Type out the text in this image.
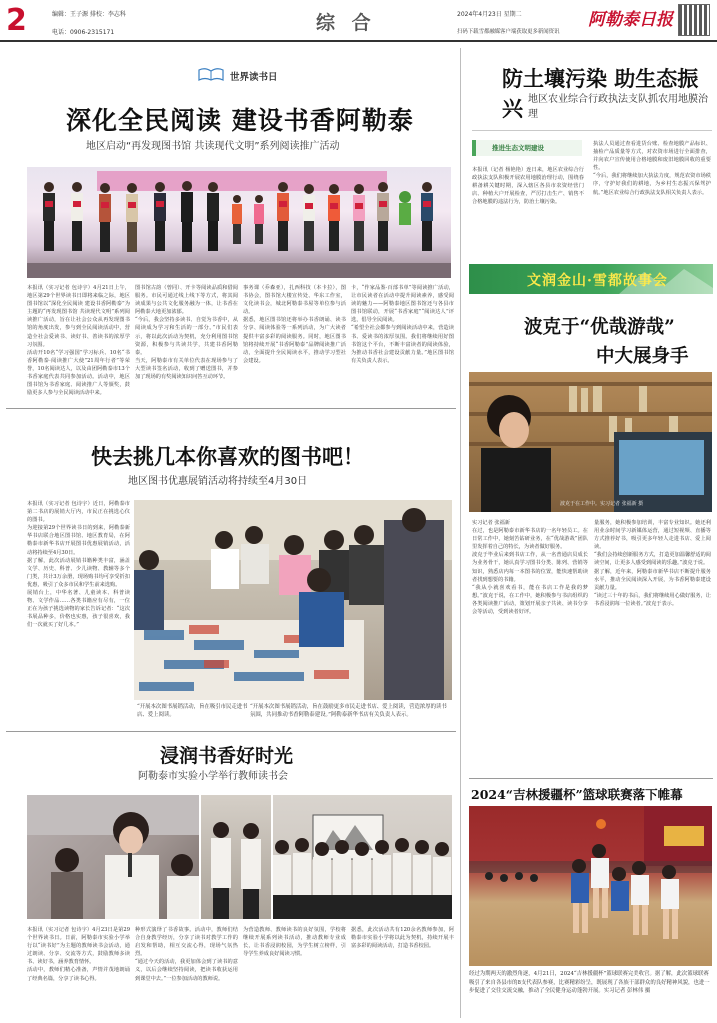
2	编辑：王子源 排校：李志科
电话：0906-2315171	综 合	2024年4月23日 星期二
扫码下载雪都融媒客户端获取更多新闻资讯
阿勒泰日报
世界读书日
深化全民阅读 建设书香阿勒泰
地区启动“再发现图书馆 共读现代文明”系列阅读推广活动
本报讯（实习记者 包诗宇）4月21日上午，地区第29个世界读书日即将来临之际，地区图书馆以“深化全民阅读 建设书香阿勒泰”为主题的“再发现图书馆 共读现代文明”系列阅读推广活动，旨在让社会公众从再发现图书馆的角度出发，参与到全民阅读活动中，营造全社会爱读书、读好书、善读书的浓厚学习氛围。
活动开10名“学习强国”学习标兵、10名“书香阿勒泰·阅读推广大使”21周年行者”等荣誉，10名阅读达人，以及由团阿勒泰市13个书香家庭代表共同参加活动。活动中，地区图书馆为书香家庭、阅读推广人等颁奖，鼓励更多人参与全民阅读活动中来。
图书馆古韵（曾同）、开卡等阅读品质和借阅服务。市民可通过线上线下等方式，将其阅读成果与公共文化服务融为一体，让书香在阿勒泰大地更加浓郁。
“今后，我会坚持多读书、自觉为书香中，从阅读成为学习和生活的一部分。”市民们表示，将以此次活动为契机，充分利用图书馆资源，积极参与共读共学，共建书香阿勒泰。
当天，阿勒泰市有关单位代表在现场参与了大型读书签名活动，收到了赠送图书，并参加了现场的有奖阅读知识问答互动环节。
事务课（乔森亚），扎西科技（本卡拉），图书协会，图书馆大楼宣传处、华东工作室，文化读书会，城北阿勒泰书屋等单位参与活动。
据悉，地区图书馆还将举办书香朗诵、读书分享、阅读体验等一系列活动，为广大读者提供丰富多彩的阅读服务。同时，地区图书馆将持续开展“书香阿勒泰”品牌阅读推广活动，全面提升全民阅读水平，推动学习型社会建设。
卡，“作家品鉴·百部书单”等阅读推广活动，让市民读者在活动中提升阅读素养，感受阅读的魅力——阿勒泰地区图书馆还与各县市图书馆联动，开展“书香家庭”“阅读达人”评选，倡导全民阅读。
“希望全社会都参与到阅读活动中来，营造读书、爱读书的浓厚氛围。我们将继续用好图书馆这个平台，不断丰富读者的阅读体验，为推动书香社会建设贡献力量。”地区图书馆有关负责人表示。
快去挑几本你喜欢的图书吧！
地区图书优惠展销活动将持续至4月30日
本报讯（实习记者 包诗宇）近日，阿勒泰市第二书店的展销大厅内，市民正在挑选心仪的图书。
为迎接第29个世界读书日的到来，阿勒泰新华书店联合地区图书馆、地区教育局，在阿勒泰市新华书店开展图书优惠展销活动，活动将持续至4月30日。
据了解，此次活动展销书籍种类丰富，涵盖文学、历史、科普、少儿读物、教辅等多个门类，共计3万余册，现场购书均可享受折扣优惠，吸引了众多市民和学生前来选购。
展销台上，中华名著、儿童读本、科普读物、文学作品……各类书籍应有尽有，一位正在为孩子挑选读物的家长告诉记者：“这次书展品种多，价格也实惠，孩子很喜欢，我们一次就买了好几本。”
“开展本次图书展销活动，旨在吸引市民走进书店、爱上阅读。
“开展本次图书展销活动，旨在鼓励更多市民走进书店、爱上阅读，营造浓厚的读书氛围，共同推动书香阿勒泰建设。”阿勒泰新华书店有关负责人表示。
浸润书香好时光
阿勒泰市实验小学举行教师读书会
本报讯（实习记者 包诗宇）4月23日是第29个世界读书日。日前，阿勒泰市实验小学举行以“读书好”为主题的教师读书会活动，通过朗读、分享、交流等方式，鼓励教师多读书、读好书，涵养教育情怀。
活动中，教师们精心准备，声情并茂地朗诵了经典名篇，分享了读书心得。
种形式演绎了书香故事。活动中，教师们结合自身教学经历，分享了读书对教学工作的启发和帮助，相互交流心得，现场气氛热烈。
“通过今天的活动，我更加体会到了读书的意义，以后会继续坚持阅读，把读书收获运用到课堂中去。”一位参加活动的教师说。
为营造教师、教师读书的良好氛围，学校将继续开展系列读书活动，推动教师专业成长，让书香浸润校园，为学生树立榜样，引导学生养成良好阅读习惯。
据悉，此次活动共有120余名教师参加，阿勒泰市实验小学将以此为契机，持续开展丰富多彩的阅读活动，打造书香校园。
防土壤污染 助生态振兴 地区农业综合行政执法支队抓农用地膜治理
推进生态文明建设
本报讯（记者 杨艳艳）连日来，地区农业综合行政执法支队积极开展农用地膜治理行动，围绕春耕备耕关键时期，深入辖区各县市农资经营门店、种植大户开展检查，严厉打击生产、销售不合格地膜的违法行为，防治土壤污染。
执法人员通过查看进货台账、检查地膜产品标识、抽检产品质量等方式，对农资市场进行全面排查，并向农户宣传使用合格地膜和废旧地膜回收的重要性。
“今后，我们将继续加大执法力度，规范农资市场秩序，守护好我们的耕地，为乡村生态振兴保驾护航。”地区农业综合行政执法支队相关负责人表示。
文润金山·雪都故事会
波克于“优哉游哉”
中大展身手
波克于在工作中。实习记者 张福新 摄
实习记者 张福新
在过，也是阿勒泰市新华书店的一名年轻员工。在日常工作中，她刻苦钻研业务，在“优哉游哉”团队里发挥着自己的特长，为读者做好服务。
波克于毕业后来到书店工作，从一名普通店员成长为业务骨干，她认真学习图书分类、陈列、营销等知识，熟悉店内每一本图书的位置，能快速帮助读者找到想要的书籍。
“我从小就喜欢看书，能在书店工作是我的梦想。”波克于说，在工作中，她积极参与书店组织的各类阅读推广活动，策划开展亲子共读、读书分享会等活动，受到读者好评。
量服务，她积极参加培训，丰富专业知识。她还利用业余时间学习新媒体运营，通过短视频、直播等方式推荐好书，吸引更多年轻人走进书店、爱上阅读。
“我们会持续创新服务方式，打造更加温馨舒适的阅读空间，让更多人感受到阅读的乐趣。”波克于说。
据了解，近年来，阿勒泰市新华书店不断提升服务水平，推动全民阅读深入开展，为书香阿勒泰建设贡献力量。
“读过三十年的书后，我们将继续用心做好服务，让书香浸润每一位读者。”波克于表示。
2024“吉林援疆杯”篮球联赛落下帷幕
经过为期两天的激烈角逐，4月21日，2024“吉林援疆杯”篮球联赛完美收官。据了解，此次篮球联赛吸引了来自各县市的8支代表队参赛，比赛精彩纷呈，既展现了各族干部群众的良好精神风貌，也进一步促进了交往交流交融，推动了全民健身运动蓬勃开展。实习记者 彭林伟 摄
